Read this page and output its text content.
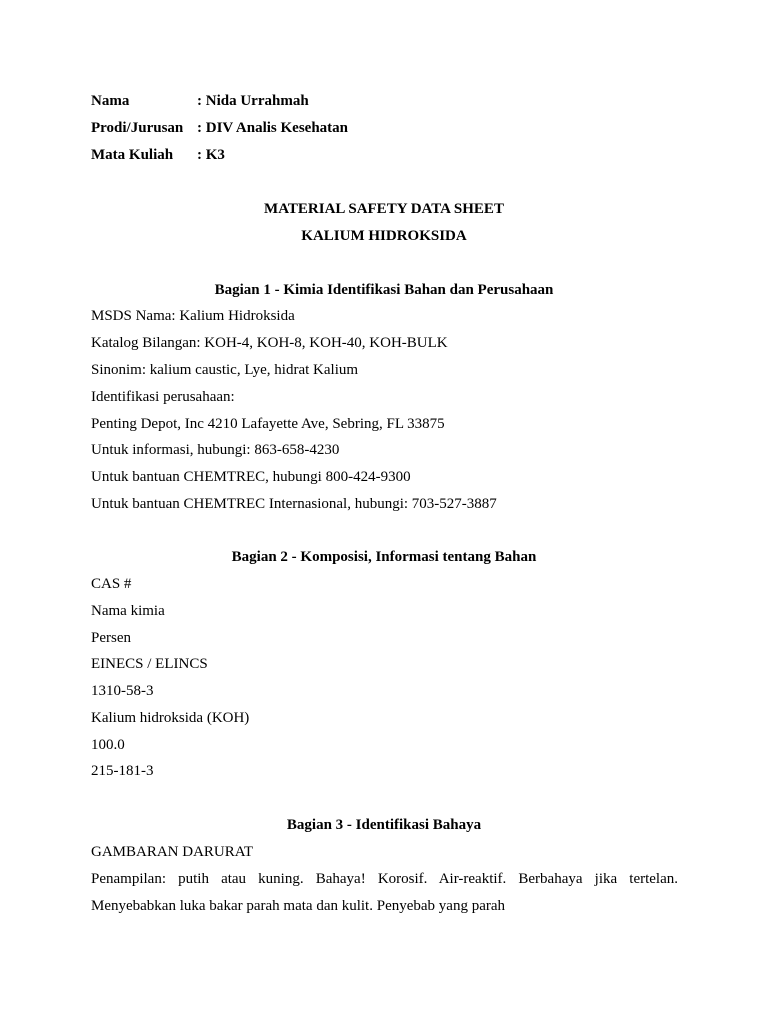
Nama	: Nida Urrahmah
Prodi/Jurusan : DIV Analis Kesehatan
Mata Kuliah	: K3
MATERIAL SAFETY DATA SHEET
KALIUM HIDROKSIDA
Bagian 1 - Kimia Identifikasi Bahan dan Perusahaan
MSDS Nama: Kalium Hidroksida
Katalog Bilangan: KOH-4, KOH-8, KOH-40, KOH-BULK
Sinonim: kalium caustic, Lye, hidrat Kalium
Identifikasi perusahaan:
Penting Depot, Inc 4210 Lafayette Ave, Sebring, FL 33875
Untuk informasi, hubungi: 863-658-4230
Untuk bantuan CHEMTREC, hubungi 800-424-9300
Untuk bantuan CHEMTREC Internasional, hubungi: 703-527-3887
Bagian 2 - Komposisi, Informasi tentang Bahan
CAS #
Nama kimia
Persen
EINECS / ELINCS
1310-58-3
Kalium hidroksida (KOH)
100.0
215-181-3
Bagian 3 - Identifikasi Bahaya
GAMBARAN DARURAT
Penampilan: putih atau kuning. Bahaya! Korosif. Air-reaktif. Berbahaya jika tertelan.
Menyebabkan luka bakar parah mata dan kulit. Penyebab yang parah
